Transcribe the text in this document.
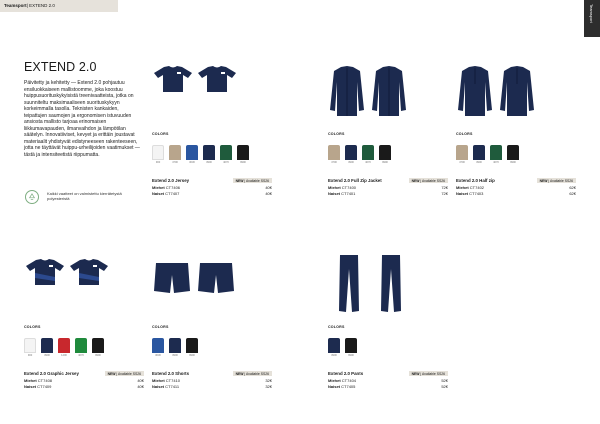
Teamsport| EXTEND 2.0	Teamsport
EXTEND 2.0

Päivitetty ja kehitetty — Extend 2.0 pohjautuu ensiluokkaiseen mallistoomme, joka koostuu huippusuorituskykyisistä treenivaatteista, jotka on suunniteltu maksimaaliseen suorituskykyyn korkeimmalla tasolla. Teknisten kankaiden, teipattujen saumojen ja ergonomisen istuvuuden ansiosta mallisto tarjoaa erinomaisen liikkumavapauden, ilmanvaihdon ja lämpötilan säätelyn. Innovatiiviset, kevyet ja erittäin joustavat materiaalit yhdistyvät edistyneeseen rakenteeseen, jotta ne täyttävät huippu-urheilijoiden vaatimukset — tästä ja intensiteetistä riippumatta.

Kaikki vaatteet on valmistettu kierrätetystä polyesteristä
COLORS
900	4700	3030	3900	4070	9990
Extend 2.0 Jersey	NEW | Available SS26
Miehet CT7406	40€
Naiset CT7407	40€
COLORS
4700	3900	4070	9990
Extend 2.0 Full Zip Jacket	NEW | Available SS26
Miehet CT7400	72€
Naiset CT7401	72€
COLORS
4700	3900	4070	9990
Extend 2.0 Half zip	NEW | Available SS26
Miehet CT7402	62€
Naiset CT7403	62€
COLORS
900	3900	1400	4070	9990
Extend 2.0 Graphic Jersey	NEW | Available SS26
Miehet CT7408	40€
Naiset CT7409	40€
COLORS
3030	3900	9990
Extend 2.0 Shorts	NEW | Available SS26
Miehet CT7410	32€
Naiset CT7411	32€
COLORS
3900	9990
Extend 2.0 Pants	NEW | Available SS26
Miehet CT7404	52€
Naiset CT7405	52€
